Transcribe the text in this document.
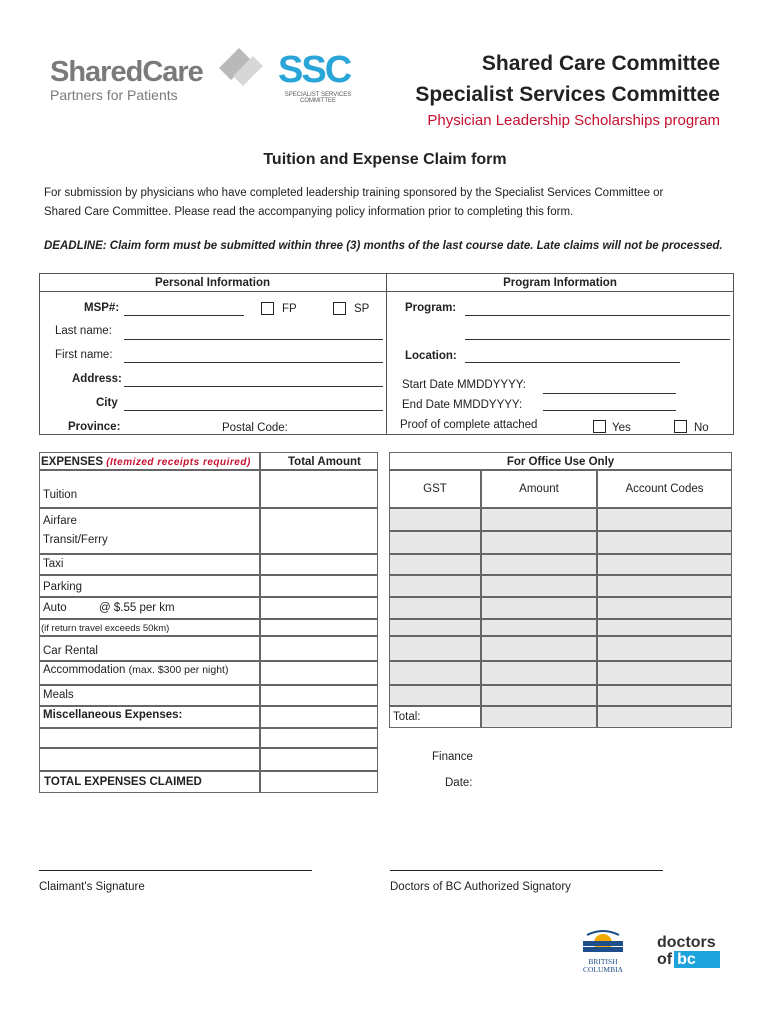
SharedCare
Partners for Patients
SSC
SPECIALIST SERVICES
COMMITTEE
Shared Care Committee
Specialist Services Committee
Physician Leadership Scholarships program
Tuition and Expense Claim form
For submission by physicians who have completed leadership training sponsored by the Specialist Services Committee or
Shared Care Committee. Please read the accompanying policy information prior to completing this form.
DEADLINE: Claim form must be submitted within three (3) months of the last course date. Late claims will not be processed.
Personal Information	Program Information
MSP#:	FP	SP
Last name:
First name:
Address:
City
Province:	Postal Code:
Program:
Location:
Start Date MMDDYYYY:
End Date MMDDYYYY:
Proof of complete attached	Yes	No
EXPENSES (Itemized receipts required)	Total Amount
Tuition
Airfare
Transit/Ferry
Taxi
Parking
Auto	@ $.55 per km
(if return travel exceeds 50km)
Car Rental
Accommodation (max. $300 per night)
Meals
Miscellaneous Expenses:
TOTAL EXPENSES CLAIMED
For Office Use Only
GST	Amount	Account Codes
Total:
Finance
Date:
Claimant's Signature	Doctors of BC Authorized Signatory
BRITISH
COLUMBIA
doctors
of bc
